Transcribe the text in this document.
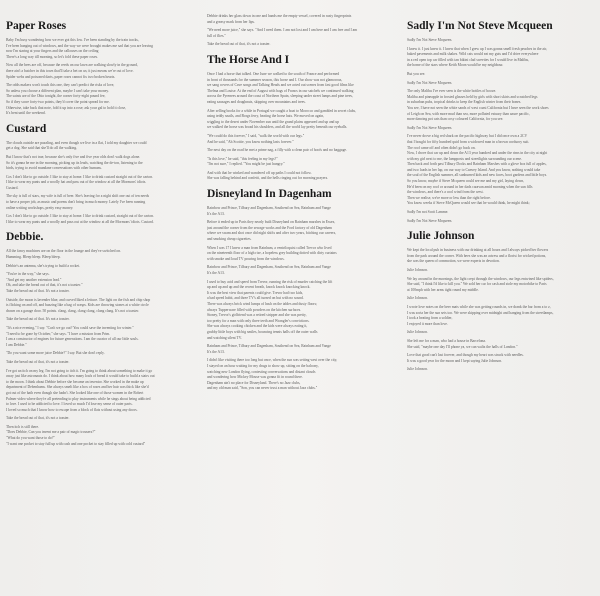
Paper Roses
Baby I'm busy wondering how we ever got this low. I've been standing by the train tracks,
I've been hanging out of windows, and the way we were brought makes me sad that you are leaving
now I'm staring at your fingers and the callouses on the ceiling
There's a long way till morning, so let's fold these paper roses.
Now all the bees are off, because the reeds on our lawn are walking slowly in the ground,
there ain't a butcher in this town that'll take a bet on us; it just means we're out of love.
Spider webs and poisoned darts, paper roses cannot fix two broken hearts.
The odds makers won't touch this one, they can't predict the risks of love,
So unless you choose a different plan, maybe I can't take your money.
The saints are of the Ohio tonight, the corner forty-eight pound fee,
So if they score forty-two points, they'd cover the point spread for me.
Otherwise, take back that note, fold it up into a rose; ask your gal to hold it close,
It's bent until the weekend.
Custard
The clouds outside are puzzling, and even though we live in a flat, I told my daughter we could
get a dog. She said that she'll do all the walking.
But I know that's not true, because she's only five and five year olds don't walk dogs alone.
So it's gonna be me in the morning, picking up its leads, watching the de-ton, listening to the
birds, trying to avoid mundane conversations with other humans.
Cos I don't like to go outside. I like to stay at home. I like to drink custard straight out of the carton.
I like to wear my pants and a woolly hat and pass out of the window at all the Mormons' idiots.
Custard.
The sky is full of stars, my wife is full of beer. She's leaving for a night shift one out of ten needs
to have a proper job, as music and poems don't bring in much money. Lately I've been running
online writing workshops, pretty easy money.
Cos I don't like to go outside. I like to stay at home. I like to drink custard, straight out of the carton.
I like to wear my pants and a woolly and pass out at the window at all the Mormons' idiots. Custard.
Debbie.
All the fancy machines are on the floor in the lounge and they've switched on.
Humming. Bleep bleep. Bleep bleep.
Debbie's an antenna, she's trying to build a rocket.
"You're in the way," she says.
"And get my another extension lead."
Oh, and take the bread out of that, it's not a toaster."
Take the bread out of that. It's not a toaster.
Outside, the moon is lavender blue, and curved liked a lettuce. The light on the fish and chip shop
is flicking on and off, and buzzing like a bag of wasps. Kids are throwing stones at a white circle
drawn on a garage door. 50 points. clang, clang, clang clang, clang clang. It's not a toaster.
Take the bread out of that. It's not a toaster.
"It's a nice evening," I say. "Can't we go out? You could save the inventing for winter."
"I need to be gone by October," she says. "I have a mission from Prim.
I am a constructor of engines for future generations. I am the curator of all our little souls.
I am Debbie."
"Do you want some more juice Debbie?" I say. But she don't reply.
Take the bread out of that, it's not a toaster.
I've got an itch on my leg. I'm not going to itch it. I'm going to think about something to make it go
away just like astronauts do. I think about how many loafs of bread it would take to build a stairs out
to the moon. I think about Debbie before she became an inventor. She worked in the make up
department of Debenhams. She always smelt like a box of roses and her hair was thick like she'd
got out of the bath even though she hadn't. She looked like one of those women in the Robert
Palmer video where they're all pretending to play instruments while he sings about being addicted
to love. I used to be addicted to love. I loved so much I'd lose my sense of outer parts.
I loved so much that I know how to escape from a block of flats without using any doors.
Take the bread out of that, it's not a toaster.
Then itch is still there.
"Does Debbie, Can you invent me a pair of magic trousers?"
"What do you want those to do?"
"I want one pocket to stay full up with cash and one pocket to stay filled up with cold custard"
Debbie drinks her glass down in one and hands me the empty vessel, covered in rusty fingerprints
and a greasy mark from her lips.
"We need more juice," she says. "And I need them. I am not lost and I am here and I am free and I am
full of flies."
Take the bread out of that, it's not a toaster.
The Horse And I
Once I had a horse that talked. One June we walked to the south of France and performed
in front of thousands for the summer season, this horse and I. Our show was not glamorous,
we sang covers of Cave songs and Talking Heads and we acted out scenes from fast good films like
Thelma and Louise. At the end of August with bags of Francs in our satchels we continued walking
across the Pyrenees around the coast of Northern Spain, sleeping under street lamps and pine trees,
eating sausages and doughnuts, skipping over mountains and trees.
After selling books for a while in Portugal we caught a boat to Morocco and gambled in secret clubs,
using teddy snails, and Borgs ferry, beating the horse hats. We moved on again,
wiggling to the desert under November sun until the grand plains appeared and up and up
we walked the horse was broad his shoulders, and all the world lay pretty beneath our eyeballs.
"We could do this forever," I said, "walk the world with our legs."
And he said, "Ah Scottie, you know nothing lasts forever."
The next day on the road he met a prime nag, a filly with a clean pair of hoofs and no baggage.
"Is this love," he said, "this feeling in my legs?"
"I'm not sure," I replied. "You might be just hungry."
And with that he winked and wandered off up paths I could not follow.
She was falling behind and confetti, and the hells ringing out for morning prayers.
Disneyland In Dagenham
Rainbow and Prince, Tilbury and Dagenham, Southend on Sea, Rainham and Vange
It's the A13.
Before it ended up in Paris they nearly built Disneyland on Rainham marshes in Essex,
just around the corner from the sewage works and the Ford factory of old Dagenham
where we swam and shot once did night shifts and after two years, bitching our careers,
and smoking cheap cigarettes.
When I was 17 I knew a man from Rainham, a ventriloquist called Trevor who lived
on the nineteenth floor of a high rise, a hopeless grey building dotted with dirty curtains
with smoke and loud TV pouring from the windows.
Rainbow and Prince, Tilbury and Dagenham, Southend on Sea, Rainham and Vange
It's the A13.
I used to buy acid and speed from Trevor, running the risk of murder catching the lift
up and up and up and the recent breath, knock knock knocking knock.
It was the best view that parents could give. Trevor had two kids,
a bad speed habit, and three TV's all turned on but with no sound.
There was always brick wind lumps of hash on the tables and dusty floors;
always Tupperware filled with powders on the kitchen surfaces.
Stoney, Trevor's girlfriend was a retired stripper and she was pretty,
too pretty for a man with only three teeth and Wrangler's convictions.
She was always cooking chicken and the kids were always eating it,
grubby little boys with big smiles, bouncing tennis balls off the outer walls
and watching silent TV.
Rainham and Prince, Tilbury and Dagenham, Southend on Sea, Rainham and Vange
It's the A13.
I didn't like visiting there too long but once, when the sun was setting west over the city,
I stayed on an hour waiting for my drugs to show up, sitting on the balcony,
watching new London flying, contesting conversations and distant clouds
and wondering how Mickey Mouse was gonna fit in round there.
Dagenham ain't no place for Disneyland. There's no Jazz clubs,
and my old man said, "Son, you can never trust a man without Jazz clubs."
Sadly I'm Not Steve Mcqueen
Sadly I'm Not Steve Mcqueen.
I knew it. I just knew it. I knew that when I grew up I was gonna smell fresh peaches in the air,
baked pavements and milk shakes. Wild cats would eat my guts and I'd drive everywhere
in a red open top car filled with tan bikini clad sweeties for I would live in Malibu,
the home of the stars where Keith Moon would be my neighbour.
But you see.
Sadly I'm Not Steve Mcqueen.
The only Malibu I've ever seen is the white bottles of booze.
Malibu and pineapple in frosted glasses held by girls with short skirts and scratched legs
in suburban pubs, tropical drinks to keep the English winter from their bones.
You see, I have not seen the white sands of west coast California but I have seen the work shoes
of Leigh on Sea, with more mud than sea, more polluted estuary than azure pacific,
more dancing pot cats than cosy coloured California, for you see.
Sadly I'm Not Steve Mcqueen.
I've never drove a big red shark on the pacific highway but I did once own a 2CV
that I bought for fifty hundred quid from a widowed man in a brown corduroy suit.
The roof came off and often didn't go back on.
Now, I drove that car up and down the A13 year hundred and under the rims in the city at night
with my girl next to me, the lampposts and streetlights surrounding our scene.
Then back and forth past Tilbury Docks and Rainham Marshes with a glove box full of apples,
and two loads in her lap, on our way to Canvey Island. And you know, nothing would take
the soul of the English summer, all sunburned kids and new faces, boot gardens and little boys.
So you know, maybe if Steve Mcqueen could see me and my girl, laying down,
He'd been on my roof or around in her dads caravan amid morning when the sun fills
the windows, and there's a cool wind from the west.
Then we realise, we're more or less than the right before.
You know weeks if Steve McQueen would see that he would think, he might think;
Sadly I'm not Scott Lamme.
Sadly I'm Not Steve Mcqueen.
Julie Johnson
We kept the local pub in business with our drinking at all hours and I always picked her flowers
from the park around the corner. With bees she was an actress and a florist for wicked potions,
she was the queen of commotion, we were experts in devotion.
Julie Johnson.
We lay around in the mornings, the light crept through the windows, our legs entwined like spiders,
She said, "I think I'd like to kill you." We sold her car for cash and stole my motorbike to Paris
at 100mph with her arms tight round my middle.
Julie Johnson.
I wrote love notes on the beer mats while she was getting rounds in, we drank the bar from a to z,
I was sorta her the sun sets too. We were skipping over midnight and hanging from the streetlamps,
I took a beating from a soldier,
I enjoyed it more than love.
Julie Johnson.
She left me for a man, who had a house in Barcelona.
She said, "maybe one day I'll phone ya, we can waltz the halls of London."
Love that good can't last forever, and though my heart was struck with needles.
It was a good year for the moon and I kept saying Julie Johnson.
Julie Johnson.
